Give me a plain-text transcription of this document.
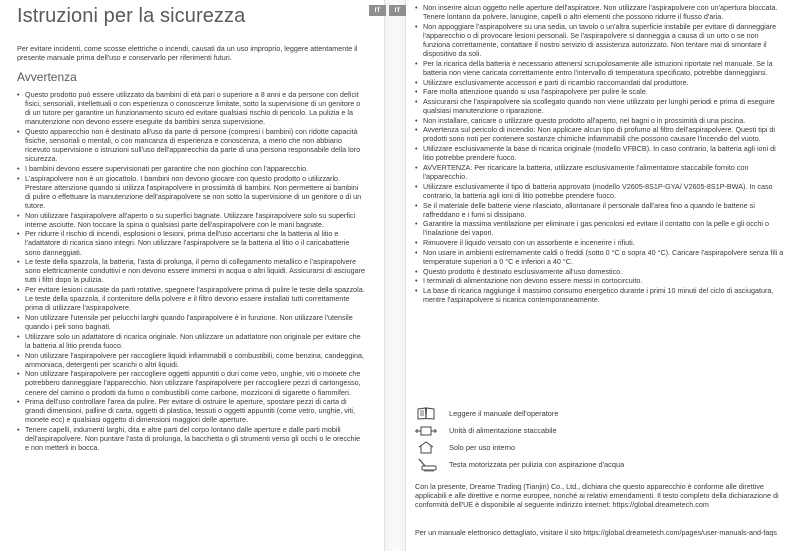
IT	IT
Istruzioni per la sicurezza

Per evitare incidenti, come scosse elettriche o incendi, causati da un uso improprio, leggere attentamente il presente manuale prima dell'uso e conservarlo per riferimenti futuri.

Avvertenza
• Questo prodotto può essere utilizzato da bambini di età pari o superiore a 8 anni e da persone con deficit fisici, sensoriali, intellettuali o con esperienza o conoscenze limitate, sotto la supervisione di un genitore o di un tutore per garantire un funzionamento sicuro ed evitare qualsiasi rischio di pericolo. La pulizia e la manutenzione non devono essere eseguite da bambini senza supervisione.
• Questo apparecchio non è destinato all'uso da parte di persone (compresi i bambini) con ridotte capacità fisiche, sensoriali o mentali, o con mancanza di esperienza e conoscenza, a meno che non abbiano ricevuto supervisione o istruzioni sull'uso dell'apparecchio da parte di una persona responsabile della loro sicurezza.
• I bambini devono essere supervisionati per garantire che non giochino con l'apparecchio.
• L'aspirapolvere non è un giocattolo. I bambini non devono giocare con questo prodotto o utilizzarlo. Prestare attenzione quando si utilizza l'aspirapolvere in prossimità di bambini. Non permettere ai bambini di pulire o effettuare la manutenzione dell'aspirapolvere se non sotto la supervisione di un genitore o di un tutore.
• Non utilizzare l'aspirapolvere all'aperto o su superfici bagnate. Utilizzare l'aspirapolvere solo su superfici interne asciutte. Non toccare la spina o qualsiasi parte dell'aspirapolvere con le mani bagnate.
• Per ridurre il rischio di incendi, esplosioni o lesioni, prima dell'uso accertarsi che la batteria al litio e l'adattatore di ricarica siano integri. Non utilizzare l'aspirapolvere se la batteria al litio o il caricabatterie sono danneggiati.
• Le teste della spazzola, la batteria, l'asta di prolunga, il perno di collegamento metallico e l'aspirapolvere sono elettricamente conduttivi e non devono essere immersi in acqua o altri liquidi. Assicurarsi di asciugare tutti i filtri dopo la pulizia.
• Per evitare lesioni causate da parti rotative, spegnere l'aspirapolvere prima di pulire le teste della spazzola. Le teste della spazzola, il contenitore della polvere e il filtro devono essere installati tutti correttamente prima di utilizzare l'aspirapolvere.
• Non utilizzare l'utensile per pelucchi larghi quando l'aspirapolvere è in funzione. Non utilizzare l'utensile quando i peli sono bagnati.
• Utilizzare solo un adattatore di ricarica originale. Non utilizzare un adattatore non originale per evitare che la batteria al litio prenda fuoco.
• Non utilizzare l'aspirapolvere per raccogliere liquidi infiammabili o combustibili, come benzina, candeggina, ammoniaca, detergenti per scarichi o altri liquidi.
• Non utilizzare l'aspirapolvere per raccogliere oggetti appuntiti o duri come vetro, unghie, viti o monete che potrebbero danneggiare l'apparecchio. Non utilizzare l'aspirapolvere per raccogliere pezzi di cartongesso, cenere del camino o prodotti da fumo o combustibili come carbone, mozziconi di sigarette o fiammiferi.
• Prima dell'uso controllare l'area da pulire. Per evitare di ostruire le aperture, spostare pezzi di carta di grandi dimensioni, palline di carta, oggetti di plastica, tessuti o oggetti appuntiti (come vetro, unghie, viti, monete ecc) e qualsiasi oggetto di dimensioni maggiori delle aperture.
• Tenere capelli, indumenti larghi, dita e altre parti del corpo lontano dalle aperture e dalle parti mobili dell'aspirapolvere. Non puntare l'asta di prolunga, la bacchetta o gli strumenti verso gli occhi o le orecchie e non metterli in bocca.
• Non inserire alcun oggetto nelle aperture dell'aspiratore. Non utilizzare l'aspirapolvere con un'apertura bloccata. Tenere lontano da polvere, lanugine, capelli o altri elementi che possono ridurre il flusso d'aria.
• Non appoggiare l'aspirapolvere su una sedia, un tavolo o un'altra superficie instabile per evitare di danneggiare l'apparecchio o di provocare lesioni personali. Se l'aspirapolvere si danneggia a causa di un urto o se non funziona correttamente, contattare il nostro servizio di assistenza autorizzato. Non tentare mai di smontare il dispositivo da soli.
• Per la ricarica della batteria è necessario attenersi scrupolosamente alle istruzioni riportate nel manuale. Se la batteria non viene caricata correttamente entro l'intervallo di temperatura specificato, potrebbe danneggiarsi.
• Utilizzare esclusivamente accessori e parti di ricambio raccomandati dal produttore.
• Fare molta attenzione quando si usa l'aspirapolvere per pulire le scale.
• Assicurarsi che l'aspirapolvere sia scollegato quando non viene utilizzato per lunghi periodi e prima di eseguire qualsiasi manutenzione o riparazione.
• Non installare, caricare o utilizzare questo prodotto all'aperto, nei bagni o in prossimità di una piscina.
• Avvertenza sul pericolo di incendio: Non applicare alcun tipo di profumo al filtro dell'aspirapolvere. Questi tipi di prodotti sono noti per contenere sostanze chimiche infiammabili che possono causare l'incendio del vuoto.
• Utilizzare esclusivamente la base di ricarica originale (modello VFBCB). In caso contrario, la batteria agli ioni di litio potrebbe prendere fuoco.
• AVVERTENZA: Per ricaricare la batteria, utilizzare esclusivamente l'alimentatore staccabile fornito con l'apparecchio.
• Utilizzare esclusivamente il tipo di batteria approvato (modello V2605-8S1P-GYA/ V2605-8S1P-BWA). In caso contrario, la batteria agli ioni di litio potrebbe prendere fuoco.
• Se il materiale delle batterie viene rilasciato, allontanare il personale dall'area fino a quando le batterie si raffreddano e i fumi si dissipano.
• Garantire la massima ventilazione per eliminare i gas pericolosi ed evitare il contatto con la pelle e gli occhi o l'inalazione dei vapori.
• Rimuovere il liquido versato con un assorbente e incenerire i rifiuti.
• Non usare in ambienti estremamente caldi o freddi (sotto 0 °C o sopra 40 °C). Caricare l'aspirapolvere senza fili a temperature superiori a 0 °C e inferiori a 40 °C.
• Questo prodotto è destinato esclusivamente all'uso domestico.
• I terminali di alimentazione non devono essere messi in cortocircuito.
• La base di ricarica raggiunge il massimo consumo energetico durante i primi 10 minuti del ciclo di asciugatura, mentre l'aspirapolvere si ricarica contemporaneamente.
Leggere il manuale dell'operatore
Unità di alimentazione staccabile
Solo per uso interno
Testa motorizzata per pulizia con aspirazione d'acqua

Con la presente, Dreame Trading (Tianjin) Co., Ltd., dichiara che questo apparecchio è conforme alle direttive applicabili e alle direttive e norme europee, nonché ai relativi emendamenti. Il testo completo della dichiarazione di conformità dell'UE è disponibile al seguente indirizzo internet: https://global.dreametech.com

Per un manuale elettronico dettagliato, visitare il sito https://global.dreametech.com/pages/user-manuals-and-faqs
